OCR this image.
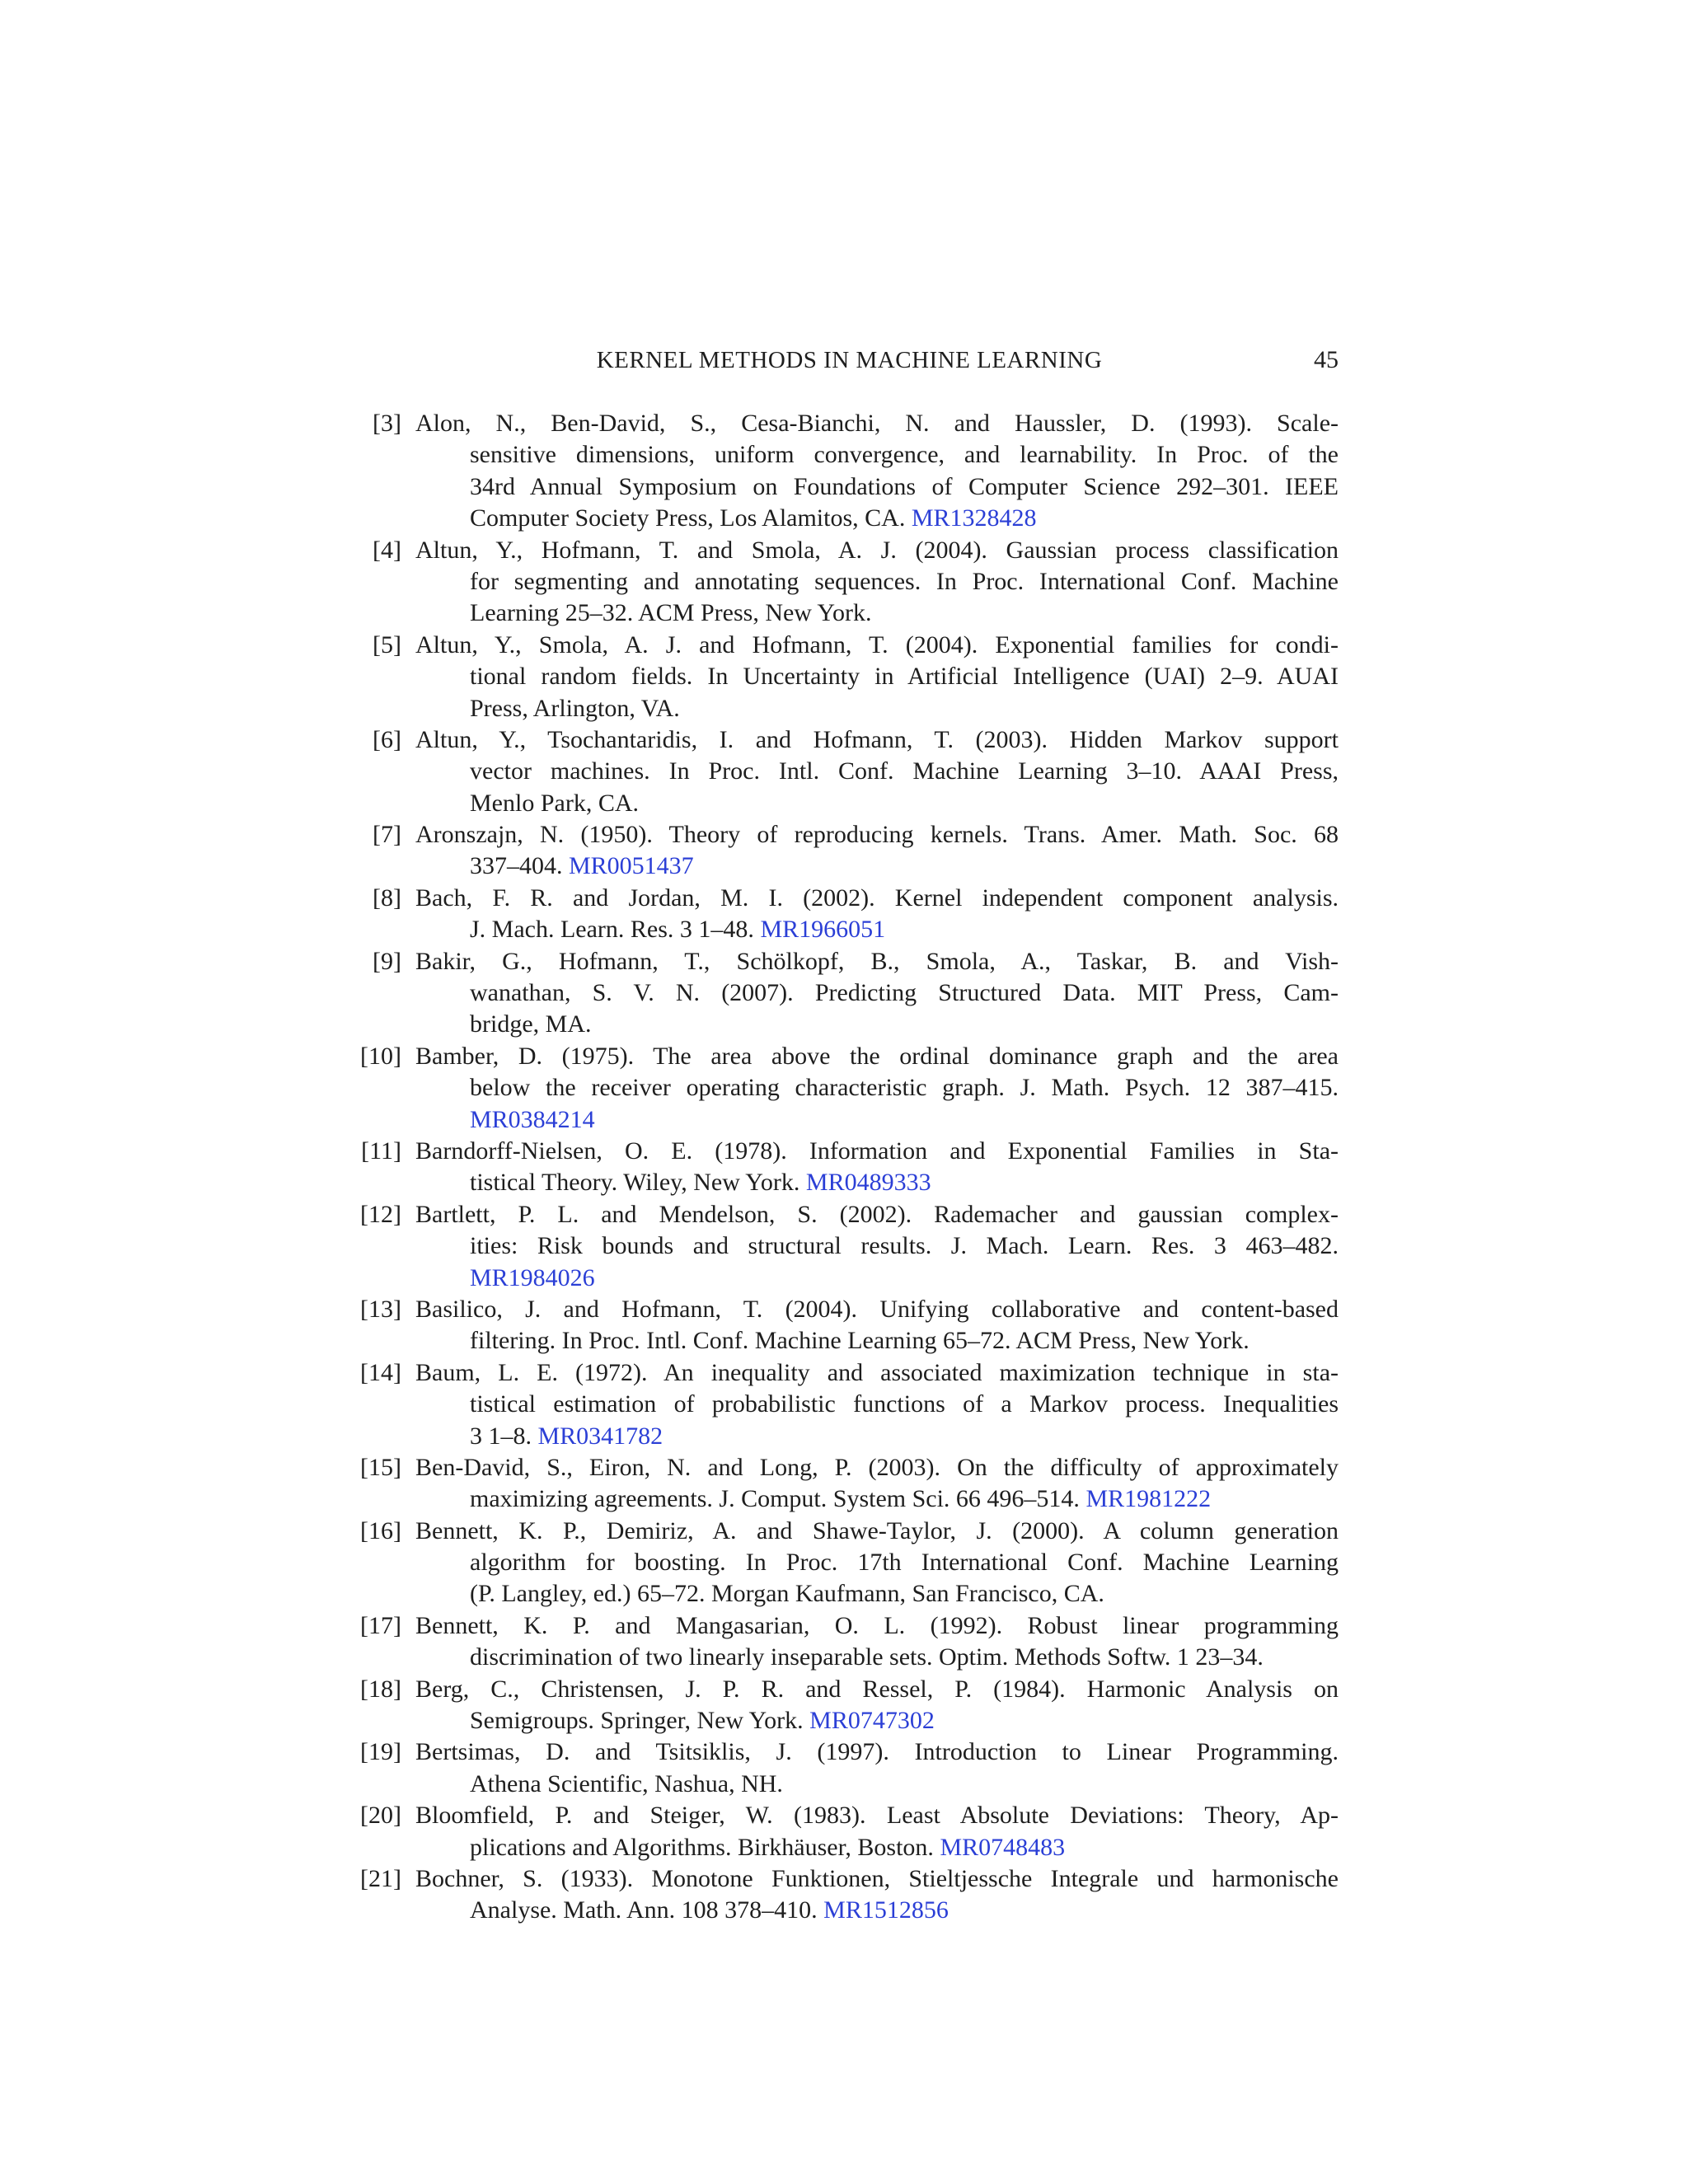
KERNEL METHODS IN MACHINE LEARNING	45
[3] Alon, N., Ben-David, S., Cesa-Bianchi, N. and Haussler, D. (1993). Scale-
sensitive dimensions, uniform convergence, and learnability. In Proc. of the
34rd Annual Symposium on Foundations of Computer Science 292–301. IEEE
Computer Society Press, Los Alamitos, CA. MR1328428
[4] Altun, Y., Hofmann, T. and Smola, A. J. (2004). Gaussian process classification
for segmenting and annotating sequences. In Proc. International Conf. Machine
Learning 25–32. ACM Press, New York.
[5] Altun, Y., Smola, A. J. and Hofmann, T. (2004). Exponential families for condi-
tional random fields. In Uncertainty in Artificial Intelligence (UAI) 2–9. AUAI
Press, Arlington, VA.
[6] Altun, Y., Tsochantaridis, I. and Hofmann, T. (2003). Hidden Markov support
vector machines. In Proc. Intl. Conf. Machine Learning 3–10. AAAI Press,
Menlo Park, CA.
[7] Aronszajn, N. (1950). Theory of reproducing kernels. Trans. Amer. Math. Soc. 68
337–404. MR0051437
[8] Bach, F. R. and Jordan, M. I. (2002). Kernel independent component analysis.
J. Mach. Learn. Res. 3 1–48. MR1966051
[9] Bakir, G., Hofmann, T., Schölkopf, B., Smola, A., Taskar, B. and Vish-
wanathan, S. V. N. (2007). Predicting Structured Data. MIT Press, Cam-
bridge, MA.
[10] Bamber, D. (1975). The area above the ordinal dominance graph and the area
below the receiver operating characteristic graph. J. Math. Psych. 12 387–415.
MR0384214
[11] Barndorff-Nielsen, O. E. (1978). Information and Exponential Families in Sta-
tistical Theory. Wiley, New York. MR0489333
[12] Bartlett, P. L. and Mendelson, S. (2002). Rademacher and gaussian complex-
ities: Risk bounds and structural results. J. Mach. Learn. Res. 3 463–482.
MR1984026
[13] Basilico, J. and Hofmann, T. (2004). Unifying collaborative and content-based
filtering. In Proc. Intl. Conf. Machine Learning 65–72. ACM Press, New York.
[14] Baum, L. E. (1972). An inequality and associated maximization technique in sta-
tistical estimation of probabilistic functions of a Markov process. Inequalities
3 1–8. MR0341782
[15] Ben-David, S., Eiron, N. and Long, P. (2003). On the difficulty of approximately
maximizing agreements. J. Comput. System Sci. 66 496–514. MR1981222
[16] Bennett, K. P., Demiriz, A. and Shawe-Taylor, J. (2000). A column generation
algorithm for boosting. In Proc. 17th International Conf. Machine Learning
(P. Langley, ed.) 65–72. Morgan Kaufmann, San Francisco, CA.
[17] Bennett, K. P. and Mangasarian, O. L. (1992). Robust linear programming
discrimination of two linearly inseparable sets. Optim. Methods Softw. 1 23–34.
[18] Berg, C., Christensen, J. P. R. and Ressel, P. (1984). Harmonic Analysis on
Semigroups. Springer, New York. MR0747302
[19] Bertsimas, D. and Tsitsiklis, J. (1997). Introduction to Linear Programming.
Athena Scientific, Nashua, NH.
[20] Bloomfield, P. and Steiger, W. (1983). Least Absolute Deviations: Theory, Ap-
plications and Algorithms. Birkhäuser, Boston. MR0748483
[21] Bochner, S. (1933). Monotone Funktionen, Stieltjessche Integrale und harmonische
Analyse. Math. Ann. 108 378–410. MR1512856
